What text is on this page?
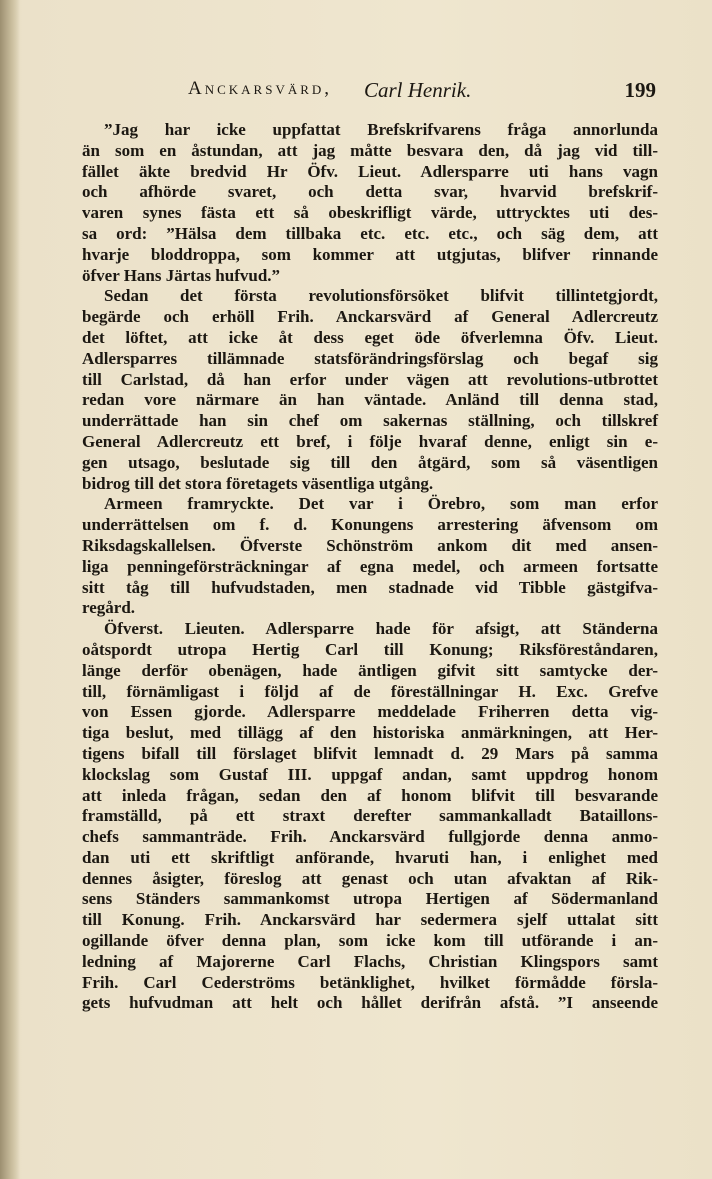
Anckarsvärd, Carl Henrik.	199
”Jag har icke uppfattat Brefskrifvarens fråga annorlunda
än som en åstundan, att jag måtte besvara den, då jag vid till-
fället äkte bredvid Hr Öfv. Lieut. Adlersparre uti hans vagn
och afhörde svaret, och detta svar, hvarvid brefskrif-
varen synes fästa ett så obeskrifligt värde, uttrycktes uti des-
sa ord: ”Hälsa dem tillbaka etc. etc. etc., och säg dem, att
hvarje bloddroppa, som kommer att utgjutas, blifver rinnande
öfver Hans Järtas hufvud.”
Sedan det första revolutionsförsöket blifvit tillintetgjordt,
begärde och erhöll Frih. Anckarsvärd af General Adlercreutz
det löftet, att icke åt dess eget öde öfverlemna Öfv. Lieut.
Adlersparres tillämnade statsförändringsförslag och begaf sig
till Carlstad, då han erfor under vägen att revolutions-utbrottet
redan vore närmare än han väntade. Anländ till denna stad,
underrättade han sin chef om sakernas ställning, och tillskref
General Adlercreutz ett bref, i följe hvaraf denne, enligt sin e-
gen utsago, beslutade sig till den åtgärd, som så väsentligen
bidrog till det stora företagets väsentliga utgång.
Armeen framryckte. Det var i Örebro, som man erfor
underrättelsen om f. d. Konungens arrestering äfvensom om
Riksdagskallelsen. Öfverste Schönström ankom dit med ansen-
liga penningeförsträckningar af egna medel, och armeen fortsatte
sitt tåg till hufvudstaden, men stadnade vid Tibble gästgifva-
regård.
Öfverst. Lieuten. Adlersparre hade för afsigt, att Ständerna
oåtspordt utropa Hertig Carl till Konung; Riksföreståndaren,
länge derför obenägen, hade äntligen gifvit sitt samtycke der-
till, förnämligast i följd af de föreställningar H. Exc. Grefve
von Essen gjorde. Adlersparre meddelade Friherren detta vig-
tiga beslut, med tillägg af den historiska anmärkningen, att Her-
tigens bifall till förslaget blifvit lemnadt d. 29 Mars på samma
klockslag som Gustaf III. uppgaf andan, samt uppdrog honom
att inleda frågan, sedan den af honom blifvit till besvarande
framställd, på ett straxt derefter sammankalladt Bataillons-
chefs sammanträde. Frih. Anckarsvärd fullgjorde denna anmo-
dan uti ett skriftligt anförande, hvaruti han, i enlighet med
dennes åsigter, föreslog att genast och utan afvaktan af Rik-
sens Ständers sammankomst utropa Hertigen af Södermanland
till Konung. Frih. Anckarsvärd har sedermera sjelf uttalat sitt
ogillande öfver denna plan, som icke kom till utförande i an-
ledning af Majorerne Carl Flachs, Christian Klingspors samt
Frih. Carl Cederströms betänklighet, hvilket förmådde försla-
gets hufvudman att helt och hållet derifrån afstå. ”I anseende
